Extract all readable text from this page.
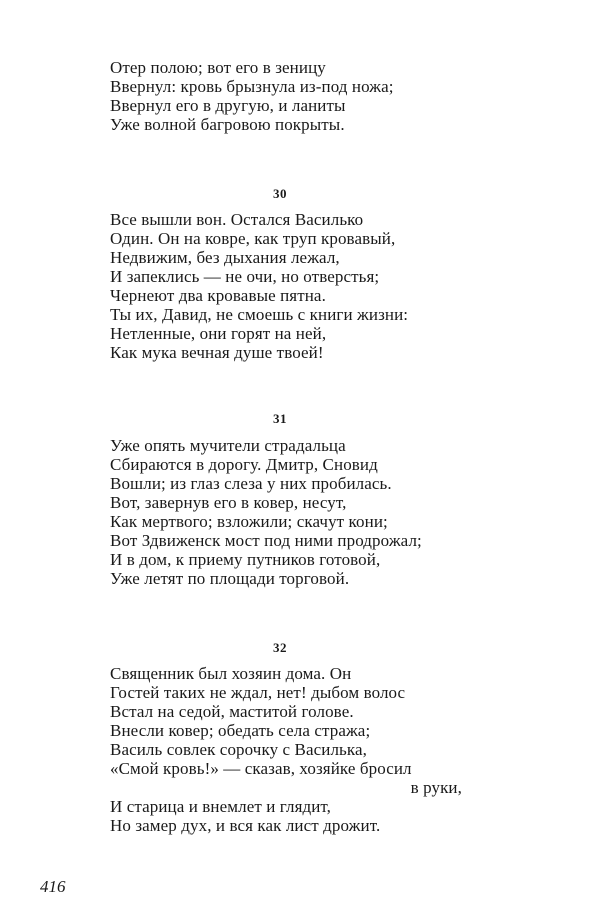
Отер полою; вот его в зеницу
Ввернул: кровь брызнула из-под ножа;
Ввернул его в другую, и ланиты
Уже волной багровою покрыты.
30
Все вышли вон. Остался Василько
Один. Он на ковре, как труп кровавый,
Недвижим, без дыхания лежал,
И запеклись — не очи, но отверстья;
Чернеют два кровавые пятна.
Ты их, Давид, не смоешь с книги жизни:
Нетленные, они горят на ней,
Как мука вечная душе твоей!
31
Уже опять мучители страдальца
Сбираются в дорогу. Дмитр, Сновид
Вошли; из глаз слеза у них пробилась.
Вот, завернув его в ковер, несут,
Как мертвого; взложили; скачут кони;
Вот Здвиженск мост под ними продрожал;
И в дом, к приему путников готовой,
Уже летят по площади торговой.
32
Священник был хозяин дома. Он
Гостей таких не ждал, нет! дыбом волос
Встал на седой, маститой голове.
Внесли ковер; обедать села стража;
Василь совлек сорочку с Василька,
«Смой кровь!» — сказав, хозяйке бросил
в руки,
И старица и внемлет и глядит,
Но замер дух, и вся как лист дрожит.
416
